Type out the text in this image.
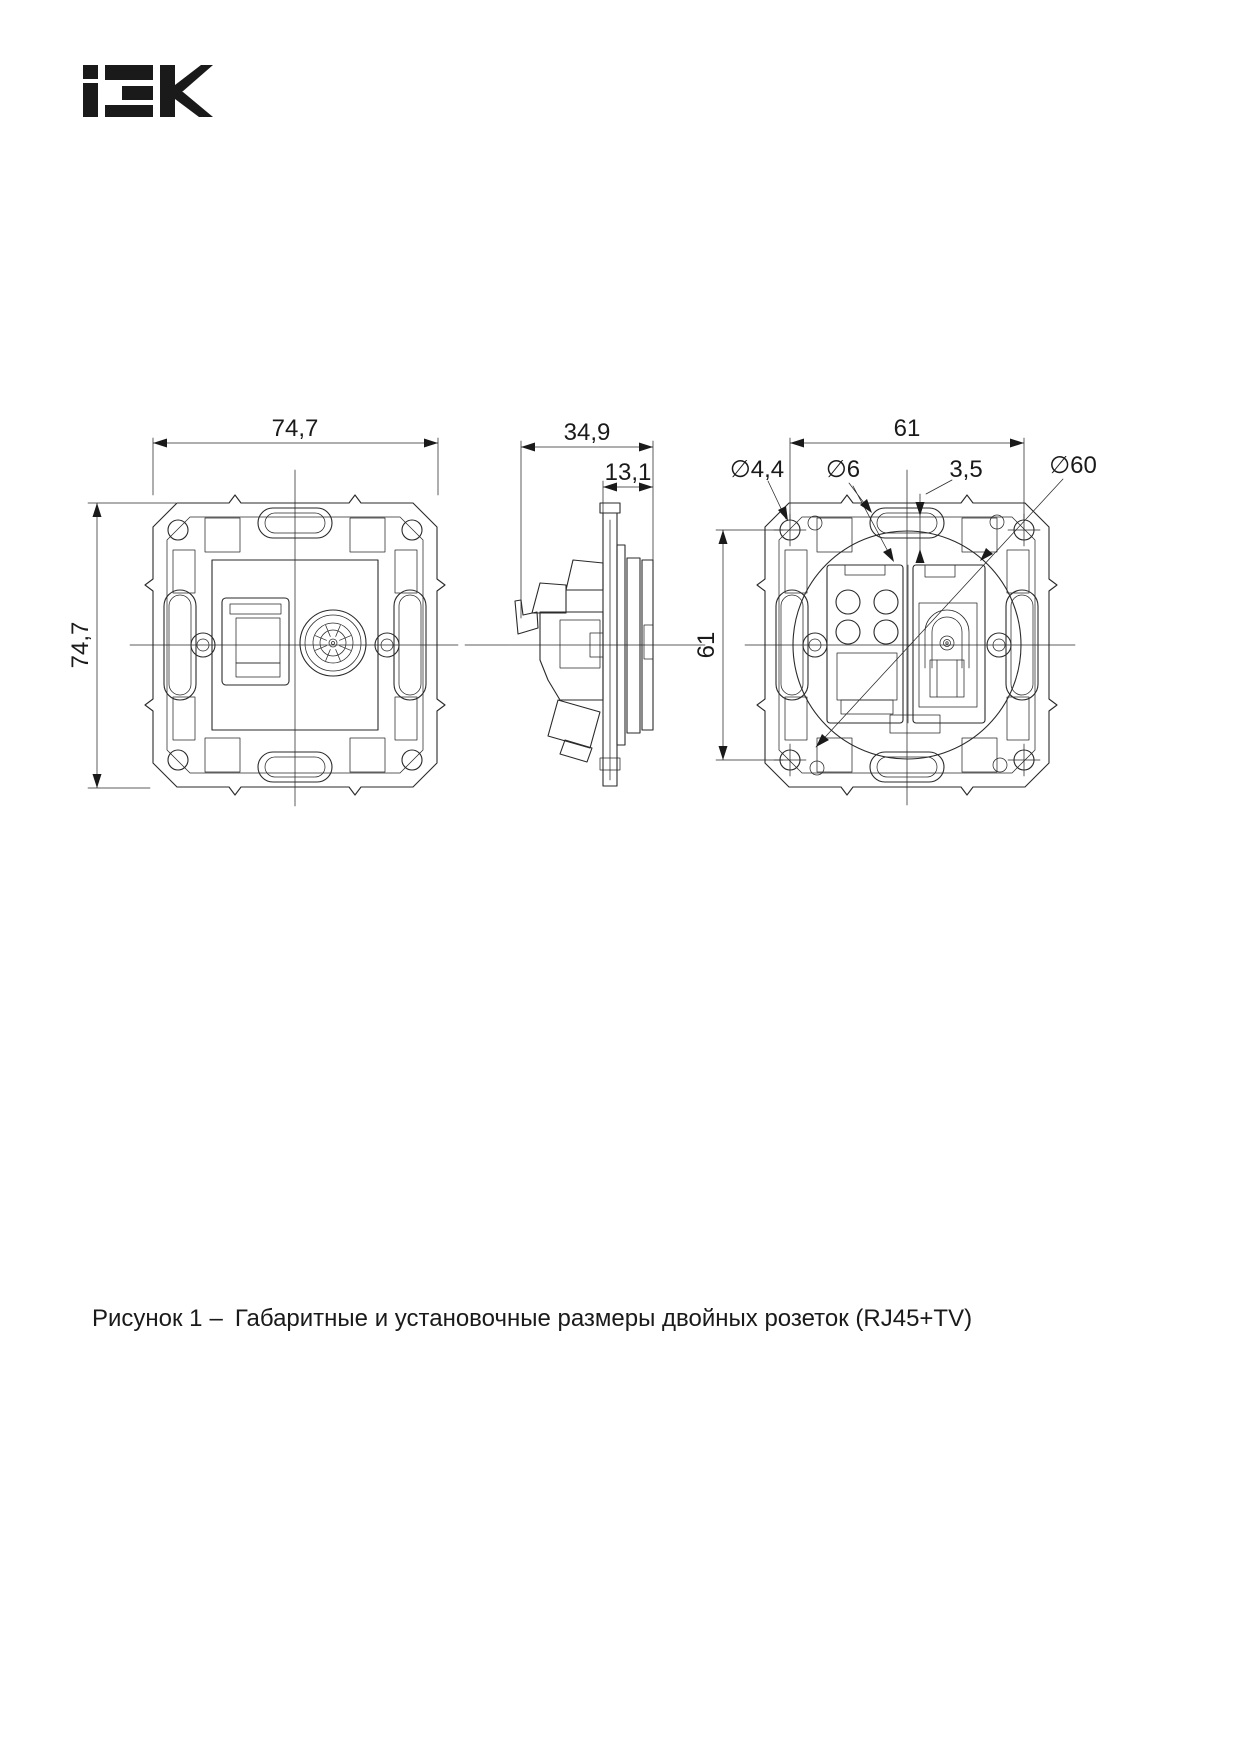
74,7
74,7
34,9
13,1
61
61
∅4,4 ∅6	3,5	∅60
Рисунок 1 – Габаритные и установочные размеры двойных розеток (RJ45+TV)
